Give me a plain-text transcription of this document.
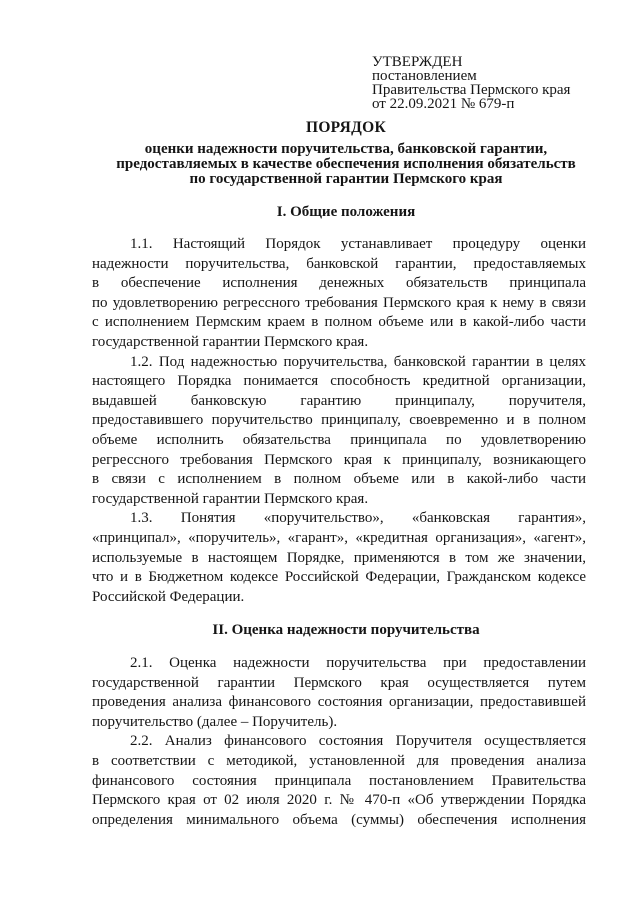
УТВЕРЖДЕН
постановлением
Правительства Пермского края
от 22.09.2021 № 679-п
ПОРЯДОК
оценки надежности поручительства, банковской гарантии,
предоставляемых в качестве обеспечения исполнения обязательств
по государственной гарантии Пермского края
I. Общие положения
1.1. Настоящий Порядок устанавливает процедуру оценки
надежности поручительства, банковской гарантии, предоставляемых
в обеспечение исполнения денежных обязательств принципала
по удовлетворению регрессного требования Пермского края к нему в связи
с исполнением Пермским краем в полном объеме или в какой-либо части
государственной гарантии Пермского края.
1.2. Под надежностью поручительства, банковской гарантии в целях
настоящего Порядка понимается способность кредитной организации,
выдавшей банковскую гарантию принципалу, поручителя,
предоставившего поручительство принципалу, своевременно и в полном
объеме исполнить обязательства принципала по удовлетворению
регрессного требования Пермского края к принципалу, возникающего
в связи с исполнением в полном объеме или в какой-либо части
государственной гарантии Пермского края.
1.3. Понятия «поручительство», «банковская гарантия»,
«принципал», «поручитель», «гарант», «кредитная организация», «агент»,
используемые в настоящем Порядке, применяются в том же значении,
что и в Бюджетном кодексе Российской Федерации, Гражданском кодексе
Российской Федерации.
II. Оценка надежности поручительства
2.1. Оценка надежности поручительства при предоставлении
государственной гарантии Пермского края осуществляется путем
проведения анализа финансового состояния организации, предоставившей
поручительство (далее – Поручитель).
2.2. Анализ финансового состояния Поручителя осуществляется
в соответствии с методикой, установленной для проведения анализа
финансового состояния принципала постановлением Правительства
Пермского края от 02 июля 2020 г. № 470-п «Об утверждении Порядка
определения минимального объема (суммы) обеспечения исполнения
